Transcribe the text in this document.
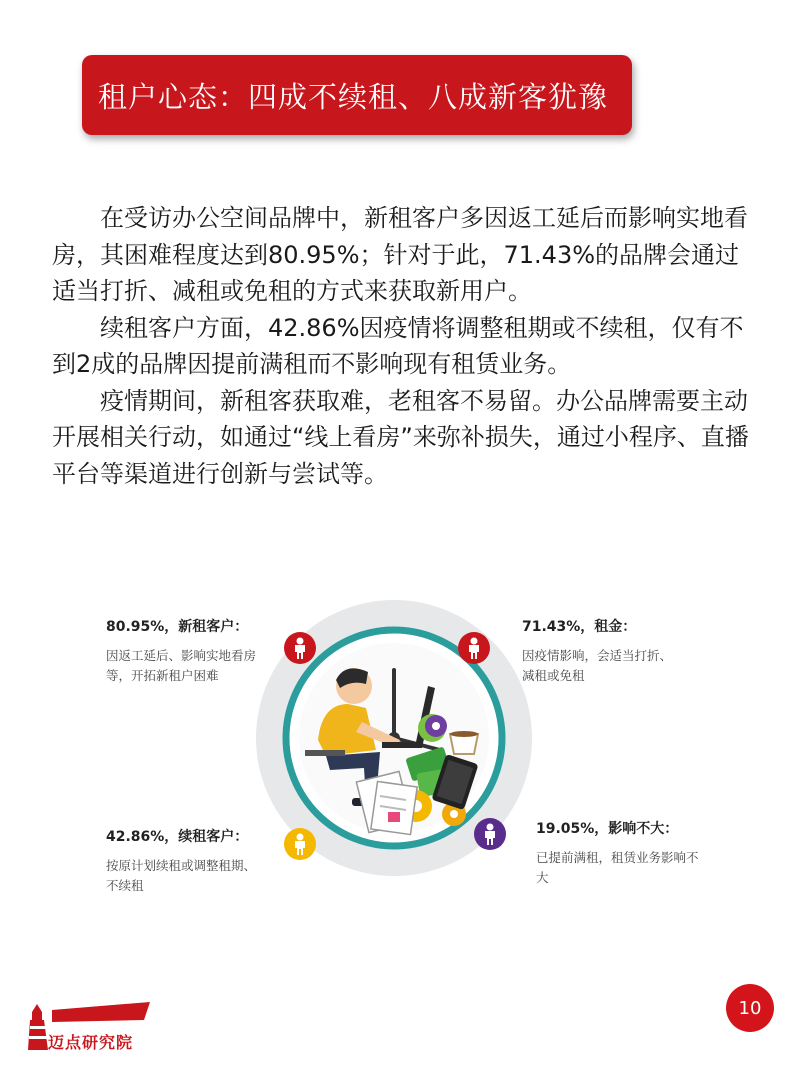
租户心态：四成不续租、八成新客犹豫

在受访办公空间品牌中，新租客户多因返工延后而影响实地看房，其困难程度达到80.95%；针对于此，71.43%的品牌会通过适当打折、减租或免租的方式来获取新用户。

续租客户方面，42.86%因疫情将调整租期或不续租，仅有不到2成的品牌因提前满租而不影响现有租赁业务。

疫情期间，新租客获取难，老租客不易留。办公品牌需要主动开展相关行动，如通过“线上看房”来弥补损失，通过小程序、直播平台等渠道进行创新与尝试等。

80.95%，新租客户：
因返工延后、影响实地看房等，开拓新租户困难
71.43%，租金：
因疫情影响，会适当打折、减租或免租
42.86%，续租客户：
按原计划续租或调整租期、不续租
19.05%，影响不大：
已提前满租，租赁业务影响不大
迈点研究院
10
